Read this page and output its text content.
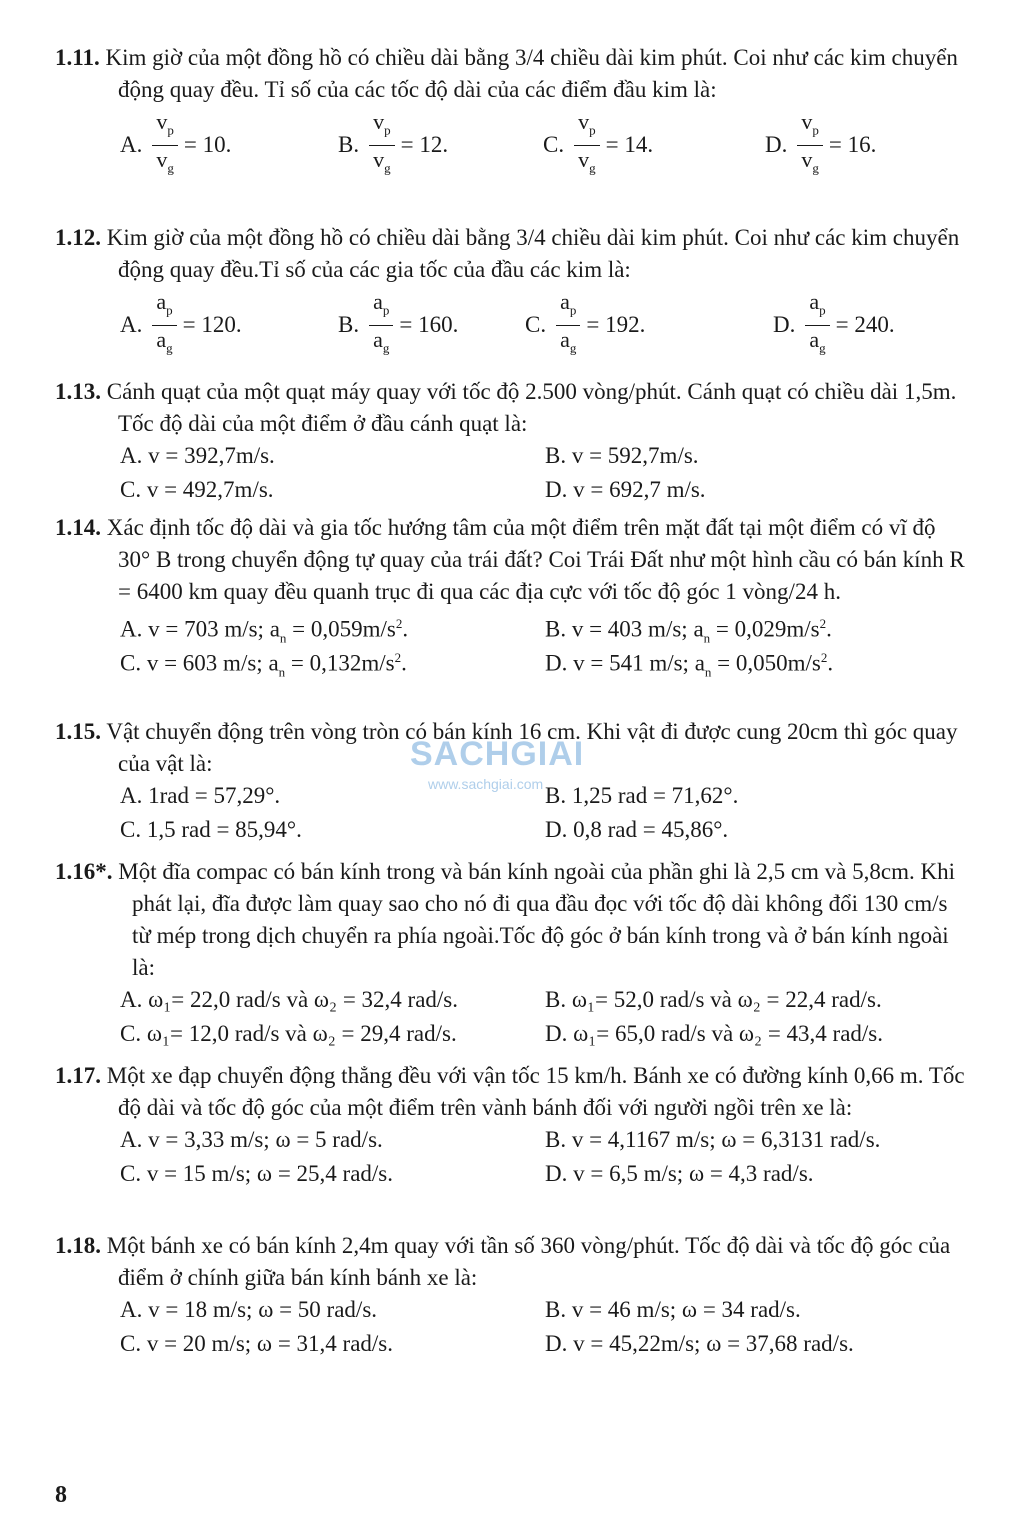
1.11. Kim giờ của một đồng hồ có chiều dài bằng 3/4 chiều dài kim phút. Coi như các kim chuyển động quay đều. Tỉ số của các tốc độ dài của các điểm đầu kim là:
A. $\frac{v_p}{v_g} = 10$.	B. $\frac{v_p}{v_g} = 12$.	C. $\frac{v_p}{v_g} = 14$.	D. $\frac{v_p}{v_g} = 16$.
1.12. Kim giờ của một đồng hồ có chiều dài bằng 3/4 chiều dài kim phút. Coi như các kim chuyển động quay đều.Tỉ số của các gia tốc của đầu các kim là:
A. $\frac{a_p}{a_g} = 120$.	B. $\frac{a_p}{a_g} = 160$.	C. $\frac{a_p}{a_g} = 192$.	D. $\frac{a_p}{a_g} = 240$.
1.13. Cánh quạt của một quạt máy quay với tốc độ 2.500 vòng/phút. Cánh quạt có chiều dài 1,5m. Tốc độ dài của một điểm ở đầu cánh quạt là:
A. v = 392,7m/s.	B. v = 592,7m/s.
C. v = 492,7m/s.	D. v = 692,7 m/s.
1.14. Xác định tốc độ dài và gia tốc hướng tâm của một điểm trên mặt đất tại một điểm có vĩ độ 30° B trong chuyển động tự quay của trái đất? Coi Trái Đất như một hình cầu có bán kính R = 6400 km quay đều quanh trục đi qua các địa cực với tốc độ góc 1 vòng/24 h.
A. v = 703 m/s; $a_n = 0,059m/s^2$.	B. v = 403 m/s; $a_n = 0,029m/s^2$.
C. v = 603 m/s; $a_n = 0,132m/s^2$.	D. v = 541 m/s; $a_n = 0,050m/s^2$.
1.15. Vật chuyển động trên vòng tròn có bán kính 16 cm. Khi vật đi được cung 20cm thì góc quay của vật là:
A. 1rad = 57,29°.	B. 1,25 rad = 71,62°.
C. 1,5 rad = 85,94°.	D. 0,8 rad = 45,86°.
1.16*. Một đĩa compac có bán kính trong và bán kính ngoài của phần ghi là 2,5 cm và 5,8cm. Khi phát lại, đĩa được làm quay sao cho nó đi qua đầu đọc với tốc độ dài không đổi 130 cm/s từ mép trong dịch chuyển ra phía ngoài.Tốc độ góc ở bán kính trong và ở bán kính ngoài là:
A. ω₁= 22,0 rad/s và ω₂ = 32,4 rad/s.	B. ω₁= 52,0 rad/s và ω₂ = 22,4 rad/s.
C. ω₁= 12,0 rad/s và ω₂ = 29,4 rad/s.	D. ω₁= 65,0 rad/s và ω₂ = 43,4 rad/s.
1.17. Một xe đạp chuyển động thẳng đều với vận tốc 15 km/h. Bánh xe có đường kính 0,66 m. Tốc độ dài và tốc độ góc của một điểm trên vành bánh đối với người ngồi trên xe là:
A. v = 3,33 m/s; ω = 5 rad/s.	B. v = 4,1167 m/s; ω = 6,3131 rad/s.
C. v = 15 m/s; ω = 25,4 rad/s.	D. v = 6,5 m/s; ω = 4,3 rad/s.
1.18. Một bánh xe có bán kính 2,4m quay với tần số 360 vòng/phút. Tốc độ dài và tốc độ góc của điểm ở chính giữa bán kính bánh xe là:
A. v = 18 m/s; ω = 50 rad/s.	B. v = 46 m/s; ω = 34 rad/s.
C. v = 20 m/s; ω = 31,4 rad/s.	D. v = 45,22m/s; ω = 37,68 rad/s.
SACHGIAI
www.sachgiai.com
8
